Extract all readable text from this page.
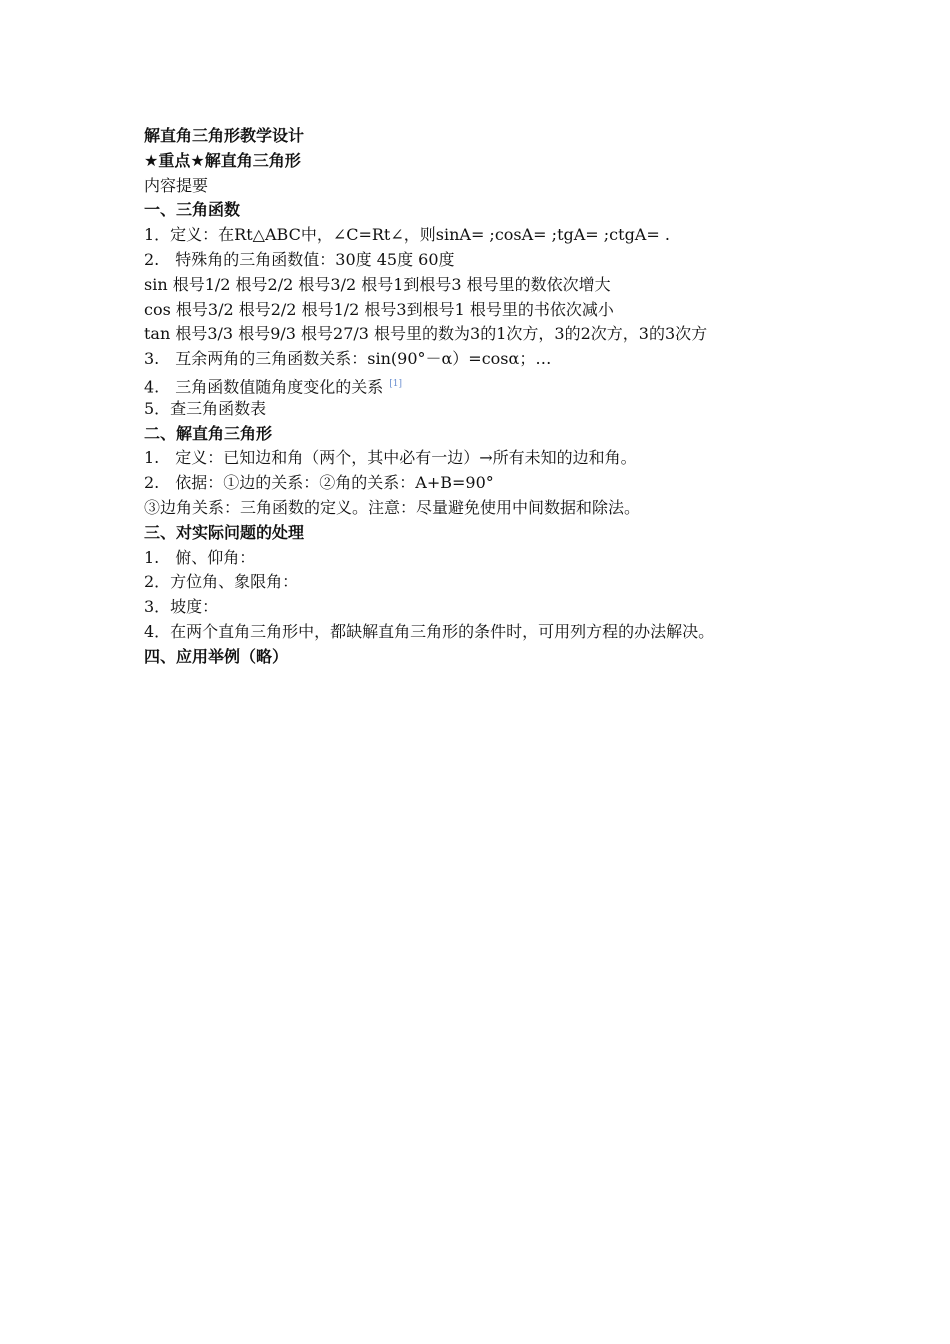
解直角三角形教学设计
★重点★解直角三角形
内容提要
一、三角函数
1．定义：在Rt△ABC中，∠C=Rt∠，则sinA= ;cosA= ;tgA= ;ctgA= .
2.　特殊角的三角函数值：30度 45度 60度
sin 根号1/2 根号2/2 根号3/2 根号1到根号3 根号里的数依次增大
cos 根号3/2 根号2/2 根号1/2 根号3到根号1 根号里的书依次减小
tan 根号3/3 根号9/3 根号27/3 根号里的数为3的1次方，3的2次方，3的3次方
3.　互余两角的三角函数关系：sin(90°－α）=cosα；…
4.　三角函数值随角度变化的关系 [1]
5．查三角函数表
二、解直角三角形
1.　定义：已知边和角（两个，其中必有一边）→所有未知的边和角。
2.　依据：①边的关系：②角的关系：A+B=90°
③边角关系：三角函数的定义。注意：尽量避免使用中间数据和除法。
三、对实际问题的处理
1.　俯、仰角：
2．方位角、象限角：
3．坡度：
4．在两个直角三角形中，都缺解直角三角形的条件时，可用列方程的办法解决。
四、应用举例（略）
